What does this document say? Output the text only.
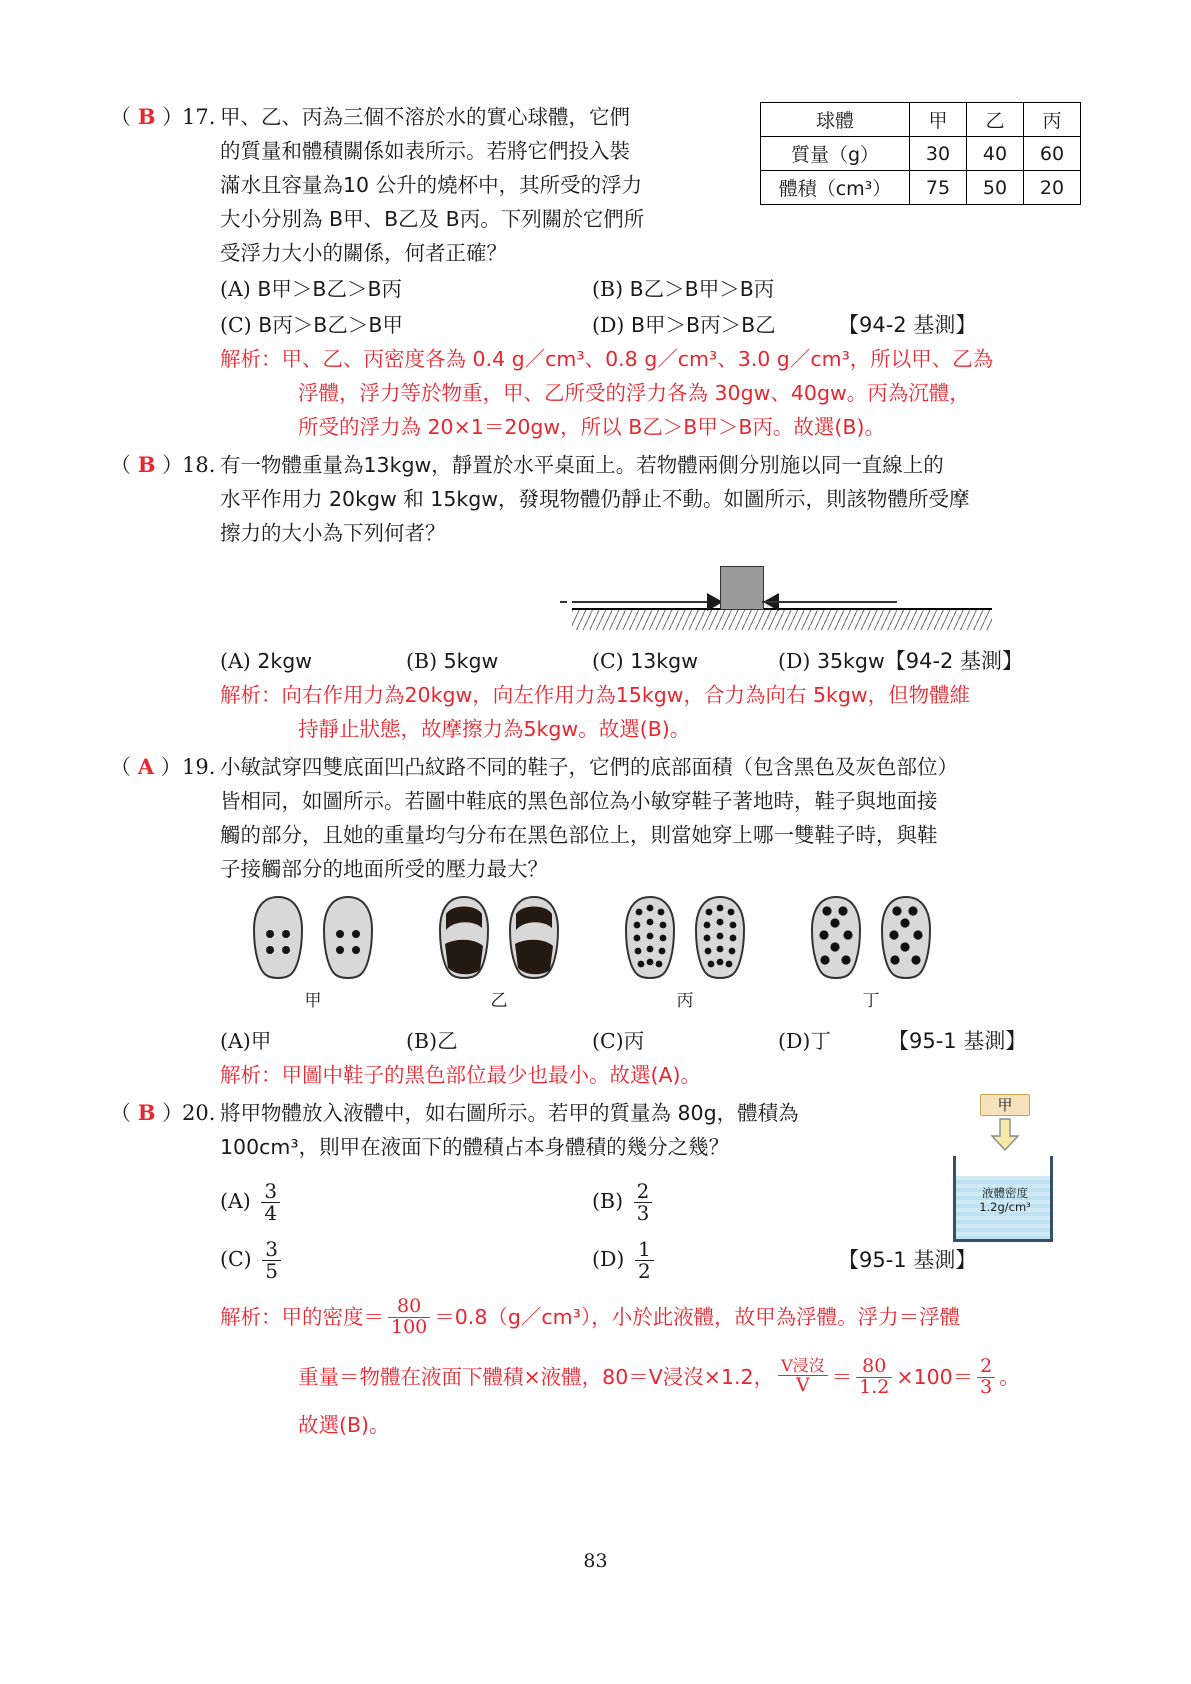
球體	甲	乙	丙
質量（g）	30	40	60
體積（cm³）	75	50	20
（ B ）
17. 甲、乙、丙為三個不溶於水的實心球體，它們
的質量和體積關係如表所示。若將它們投入裝
滿水且容量為10 公升的燒杯中，其所受的浮力
大小分別為 B甲、B乙及 B丙。下列關於它們所
受浮力大小的關係，何者正確？
(A) B甲＞B乙＞B丙	(B) B乙＞B甲＞B丙
(C) B丙＞B乙＞B甲	(D) B甲＞B丙＞B乙	【94-2 基測】
解析：甲、乙、丙密度各為 0.4 g／cm³、0.8 g／cm³、3.0 g／cm³，所以甲、乙為
浮體，浮力等於物重，甲、乙所受的浮力各為 30gw、40gw。丙為沉體，
所受的浮力為 20×1＝20gw，所以 B乙＞B甲＞B丙。故選(B)。
（ B ）
18. 有一物體重量為13kgw，靜置於水平桌面上。若物體兩側分別施以同一直線上的
水平作用力 20kgw 和 15kgw，發現物體仍靜止不動。如圖所示，則該物體所受摩
擦力的大小為下列何者？
(A) 2kgw	(B) 5kgw	(C) 13kgw	(D) 35kgw 【94-2 基測】
解析：向右作用力為20kgw，向左作用力為15kgw，合力為向右 5kgw，但物體維
持靜止狀態，故摩擦力為5kgw。故選(B)。
（ A ） 19. 小敏試穿四雙底面凹凸紋路不同的鞋子，它們的底部面積（包含黑色及灰色部位）
皆相同，如圖所示。若圖中鞋底的黑色部位為小敏穿鞋子著地時，鞋子與地面接
觸的部分，且她的重量均勻分布在黑色部位上，則當她穿上哪一雙鞋子時，與鞋
子接觸部分的地面所受的壓力最大？
甲	乙	丙	丁
(A)甲	(B)乙	(C)丙	(D)丁	【95-1 基測】
解析：甲圖中鞋子的黑色部位最少也最小。故選(A)。
甲
液體密度
1.2g/cm³
（ B ）
20. 將甲物體放入液體中，如右圖所示。若甲的質量為 80g，體積為
100cm³，則甲在液面下的體積占本身體積的幾分之幾？
$(A) \frac{3}{4}$	$(B) \frac{2}{3}$
$(C) \frac{3}{5}$	$(D) \frac{1}{2}$	【95-1 基測】
解析：甲的密度＝ $\frac{80}{100}$ ＝0.8（g／cm³），小於此液體，故甲為浮體。浮力＝浮體
重量＝物體在液面下體積×液體，80＝V浸沒×1.2， $\frac{\text{V浸沒}}{V} = \frac{80}{1.2} \times 100= \frac{2}{3}$ 。
故選(B)。
83
